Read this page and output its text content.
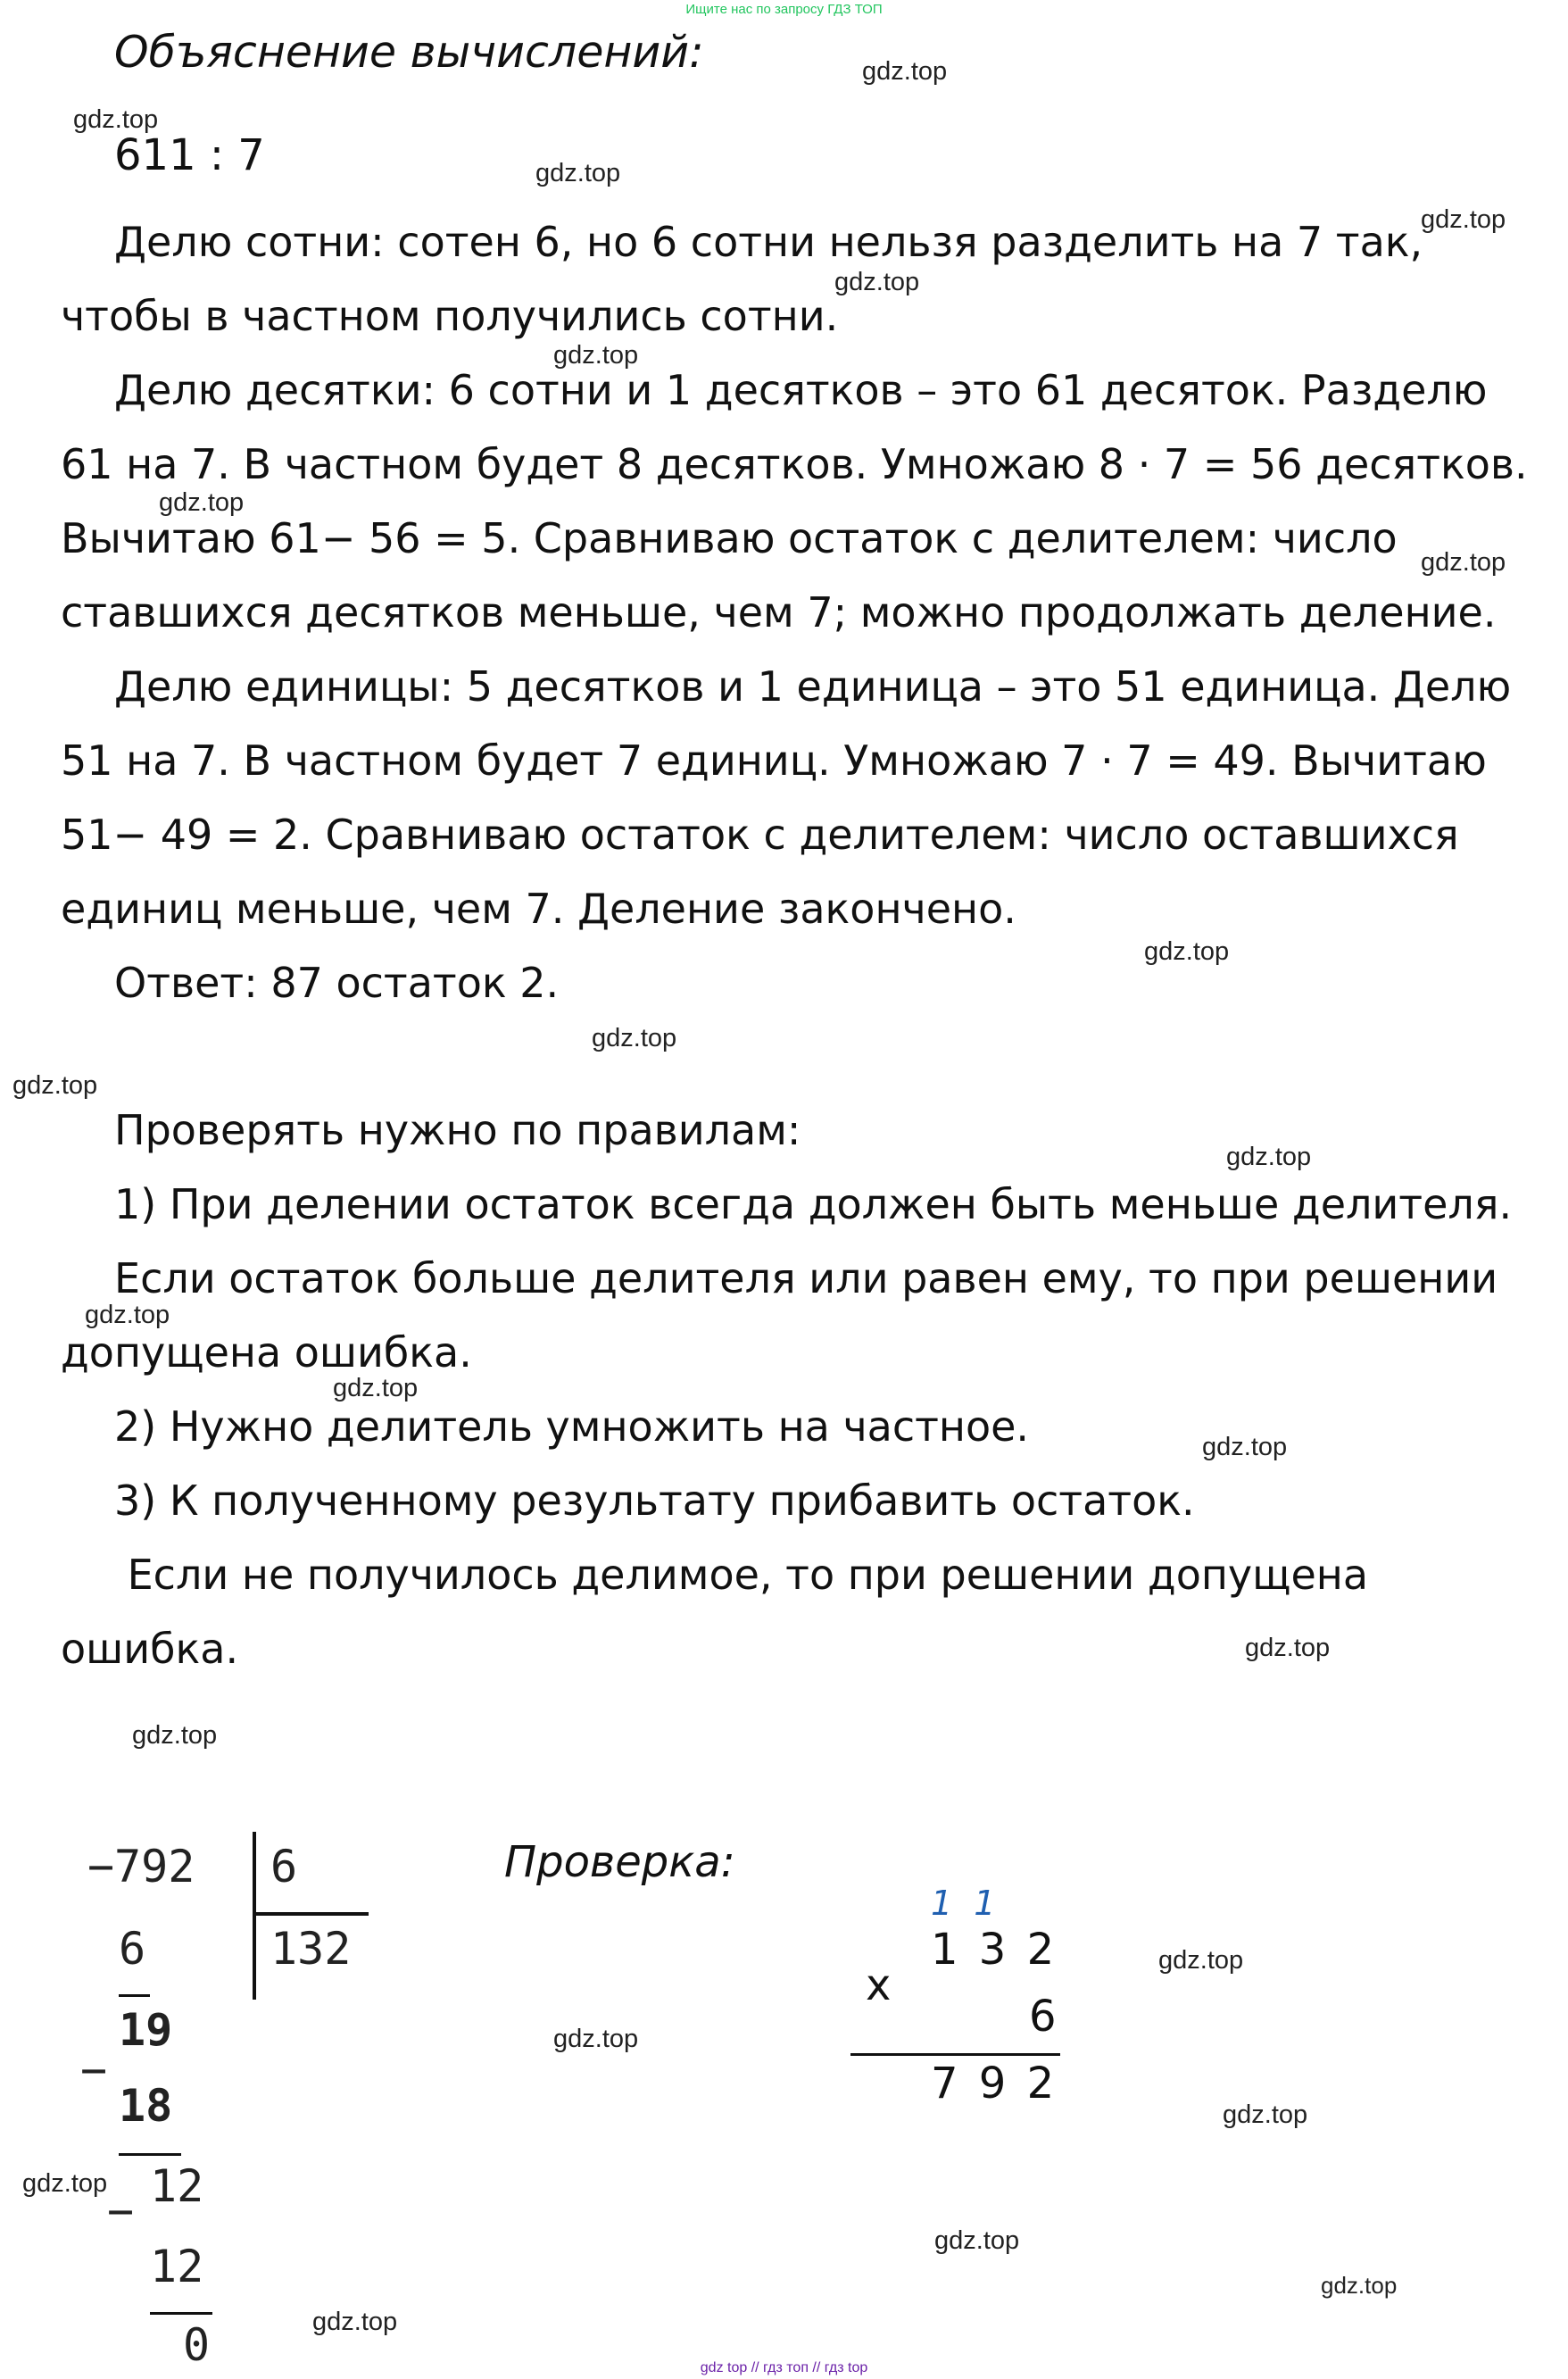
Ищите нас по запросу ГДЗ ТОП
Объяснение вычислений:
611 : 7
Делю сотни: сотен 6, но 6 сотни нельзя разделить на 7 так,
чтобы в частном получились сотни.
Делю десятки: 6 сотни и 1 десятков – это 61 десяток. Разделю
61 на 7. В частном будет 8 десятков. Умножаю 8 · 7 = 56 десятков.
Вычитаю 61− 56 = 5. Сравниваю остаток с делителем: число
ставшихся десятков меньше, чем 7; можно продолжать деление.
Делю единицы: 5 десятков и 1 единица – это 51 единица. Делю
51 на 7. В частном будет 7 единиц. Умножаю 7 · 7 = 49. Вычитаю
51− 49 = 2. Сравниваю остаток с делителем: число оставшихся
единиц меньше, чем 7. Деление закончено.
Ответ: 87 остаток 2.
Проверять нужно по правилам:
1) При делении остаток всегда должен быть меньше делителя.
Если остаток больше делителя или равен ему, то при решении
допущена ошибка.
2) Нужно делитель умножить на частное.
3) К полученному результату прибавить остаток.
Если не получилось делимое, то при решении допущена
ошибка.
− 792 6
132
6
19
−
18
12
−
12
0
Проверка:
1 1
1 3 2
x
6
7 9 2
gdz.top
gdz.top
gdz.top
gdz.top
gdz.top
gdz.top
gdz.top
gdz.top
gdz.top
gdz.top
gdz.top
gdz.top
gdz.top
gdz.top
gdz.top
gdz.top
gdz.top
gdz.top
gdz.top
gdz.top
gdz.top
gdz.top
gdz.top
gdz.top
gdz top // гдз топ // гдз top
